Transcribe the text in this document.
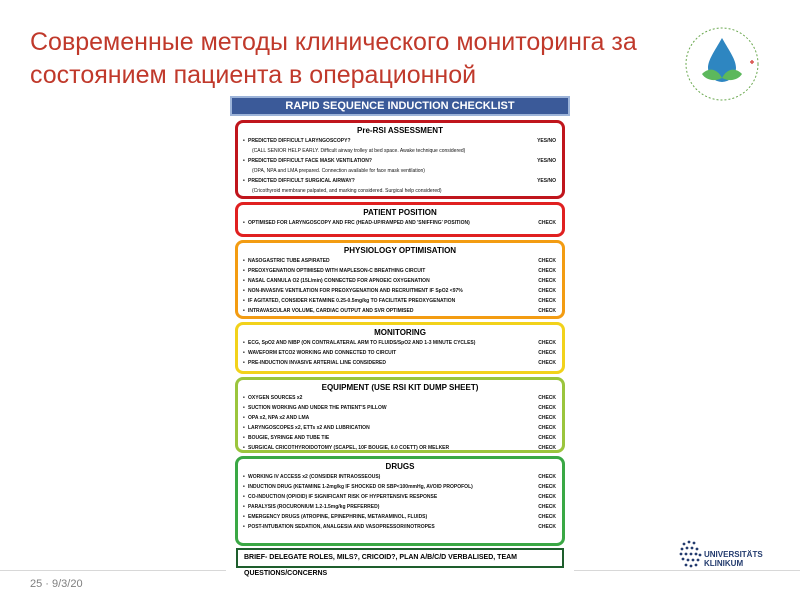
Современные методы клинического мониторинга за состоянием пациента в операционной
RAPID SEQUENCE INDUCTION CHECKLIST
Pre-RSI ASSESSMENT
• PREDICTED DIFFICULT LARYNGOSCOPY?	YES/NO
(CALL SENIOR HELP EARLY. Difficult airway trolley at bed space. Awake technique considered)
• PREDICTED DIFFICULT FACE MASK VENTILATION?	YES/NO
(OPA, NPA and LMA prepared. Connection available for face mask ventilation)
• PREDICTED DIFFICULT SURGICAL AIRWAY?	YES/NO
(Cricothyroid membrane palpated, and marking considered. Surgical help considered)
PATIENT POSITION
• OPTIMISED FOR LARYNGOSCOPY AND FRC (HEAD-UP/RAMPED AND 'SNIFFING' POSITION)	CHECK
PHYSIOLOGY OPTIMISATION
• NASOGASTRIC TUBE ASPIRATED	CHECK
• PREOXYGENATION OPTIMISED WITH MAPLESON-C BREATHING CIRCUIT	CHECK
• NASAL CANNULA O2 (15L/min) CONNECTED FOR APNOEIC OXYGENATION	CHECK
• NON-INVASIVE VENTILATION FOR PREOXYGENATION AND RECRUITMENT IF SpO2 <97%	CHECK
• IF AGITATED, CONSIDER KETAMINE 0.25-0.5mg/kg TO FACILITATE PREOXYGENATION	CHECK
• INTRAVASCULAR VOLUME, CARDIAC OUTPUT AND SVR OPTIMISED	CHECK
MONITORING
• ECG, SpO2 AND NIBP (ON CONTRALATERAL ARM TO FLUIDS/SpO2 AND 1-3 MINUTE CYCLES)	CHECK
• WAVEFORM ETCO2 WORKING AND CONNECTED TO CIRCUIT	CHECK
• PRE-INDUCTION INVASIVE ARTERIAL LINE CONSIDERED	CHECK
EQUIPMENT (USE RSI KIT DUMP SHEET)
• OXYGEN SOURCES x2	CHECK
• SUCTION WORKING AND UNDER THE PATIENT'S PILLOW	CHECK
• OPA x2, NPA x2 AND LMA	CHECK
• LARYNGOSCOPES x2, ETTs x2 AND LUBRICATION	CHECK
• BOUGIE, SYRINGE AND TUBE TIE	CHECK
• SURGICAL CRICOTHYROIDOTOMY (SCAPEL, 10F BOUGIE, 6.0 COETT) OR MELKER	CHECK
DRUGS
• WORKING IV ACCESS x2 (CONSIDER INTRAOSSEOUS)	CHECK
• INDUCTION DRUG (KETAMINE 1-2mg/kg IF SHOCKED OR SBP<100mmHg, AVOID PROPOFOL)	CHECK
• CO-INDUCTION (OPIOID) IF SIGNIFICANT RISK OF HYPERTENSIVE RESPONSE	CHECK
• PARALYSIS (ROCURONIUM 1.2-1.5mg/kg PREFERRED)	CHECK
• EMERGENCY DRUGS (ATROPINE, EPINEPHRINE, METARAMINOL, FLUIDS)	CHECK
• POST-INTUBATION SEDATION, ANALGESIA AND VASOPRESSOR/INOTROPES	CHECK
BRIEF- DELEGATE ROLES, MILS?, CRICOID?, PLAN A/B/C/D VERBALISED, TEAM QUESTIONS/CONCERNS
UNIVERSITÄTS
KLINIKUM
25 · 9/3/20
